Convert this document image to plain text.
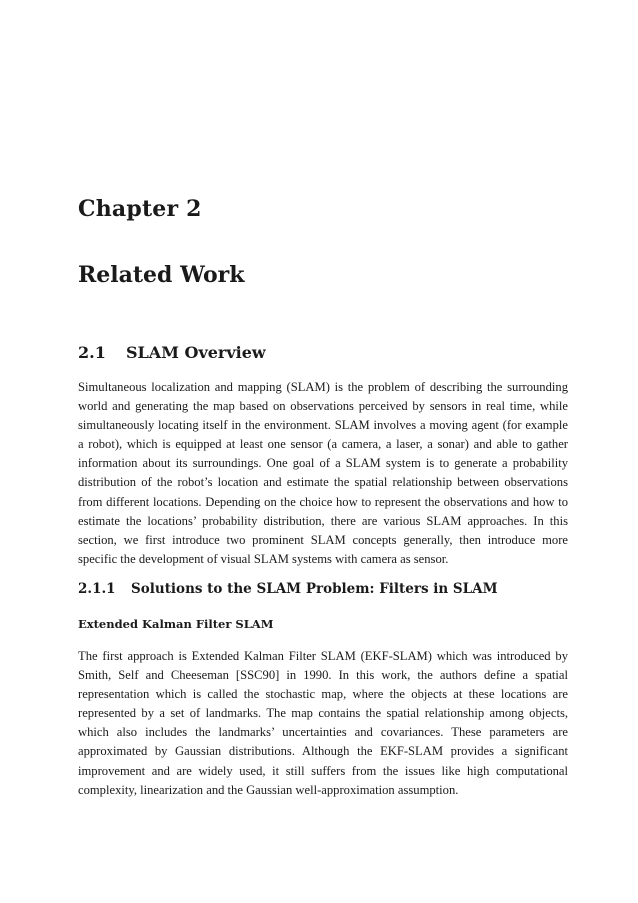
Chapter 2
Related Work
2.1	SLAM Overview

Simultaneous localization and mapping (SLAM) is the problem of describing the surrounding world and generating the map based on observations perceived by sensors in real time, while simultaneously locating itself in the environment. SLAM involves a moving agent (for example a robot), which is equipped at least one sensor (a camera, a laser, a sonar) and able to gather information about its surroundings. One goal of a SLAM system is to generate a probability distribution of the robot’s location and estimate the spatial relationship between observations from different locations. Depending on the choice how to represent the observations and how to estimate the locations’ probability distribution, there are various SLAM approaches. In this section, we first introduce two prominent SLAM concepts generally, then introduce more specific the development of visual SLAM systems with camera as sensor.

2.1.1	Solutions to the SLAM Problem: Filters in SLAM
Extended Kalman Filter SLAM

The first approach is Extended Kalman Filter SLAM (EKF-SLAM) which was introduced by Smith, Self and Cheeseman [SSC90] in 1990. In this work, the authors define a spatial representation which is called the stochastic map, where the objects at these locations are represented by a set of landmarks. The map contains the spatial relationship among objects, which also includes the landmarks’ uncertainties and covariances. These parameters are approximated by Gaussian distributions. Although the EKF-SLAM provides a significant improvement and are widely used, it still suffers from the issues like high computational complexity, linearization and the Gaussian well-approximation assumption.
